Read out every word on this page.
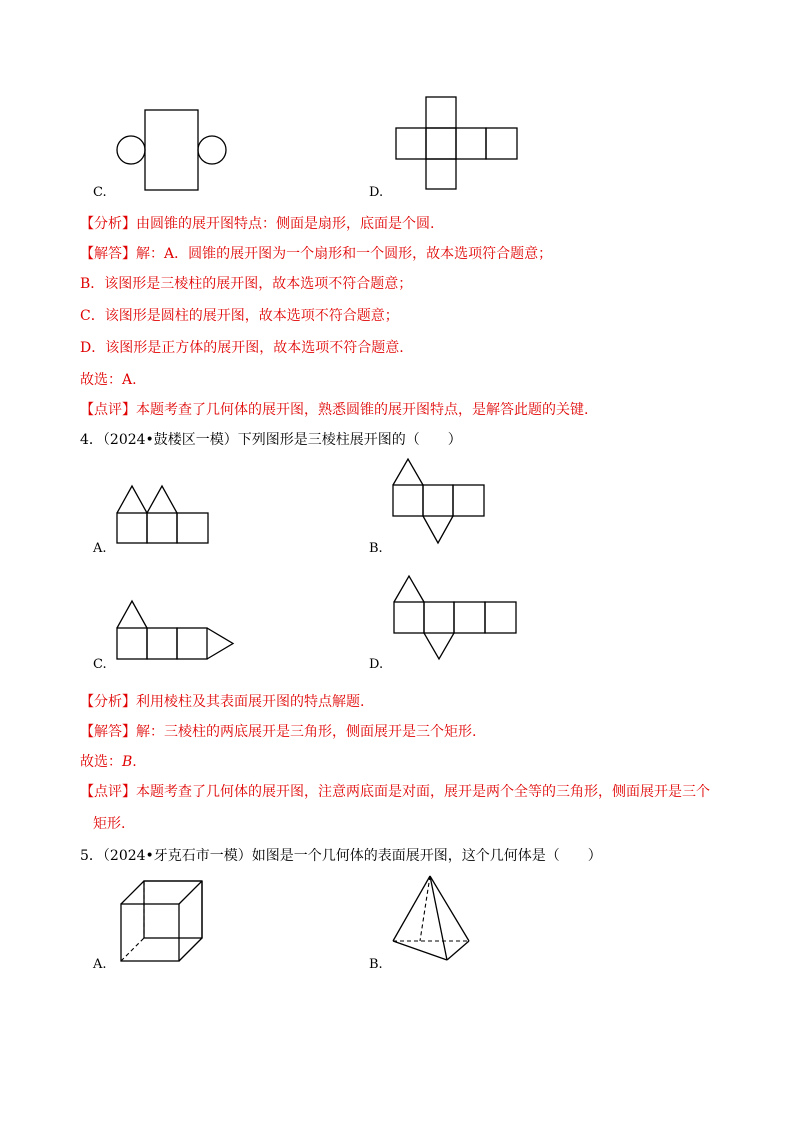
C.	D.
【分析】由圆锥的展开图特点：侧面是扇形，底面是个圆.
【解答】解：A．圆锥的展开图为一个扇形和一个圆形，故本选项符合题意；
B．该图形是三棱柱的展开图，故本选项不符合题意；
C．该图形是圆柱的展开图，故本选项不符合题意；
D．该图形是正方体的展开图，故本选项不符合题意.
故选：A.
【点评】本题考查了几何体的展开图，熟悉圆锥的展开图特点，是解答此题的关键.
4．（2024•鼓楼区一模）下列图形是三棱柱展开图的（　　）
A.	B.
C.	D.
【分析】利用棱柱及其表面展开图的特点解题.
【解答】解：三棱柱的两底展开是三角形，侧面展开是三个矩形.
故选：B.
【点评】本题考查了几何体的展开图，注意两底面是对面，展开是两个全等的三角形，侧面展开是三个
矩形.
5．（2024•牙克石市一模）如图是一个几何体的表面展开图，这个几何体是（　　）
A.	B.
